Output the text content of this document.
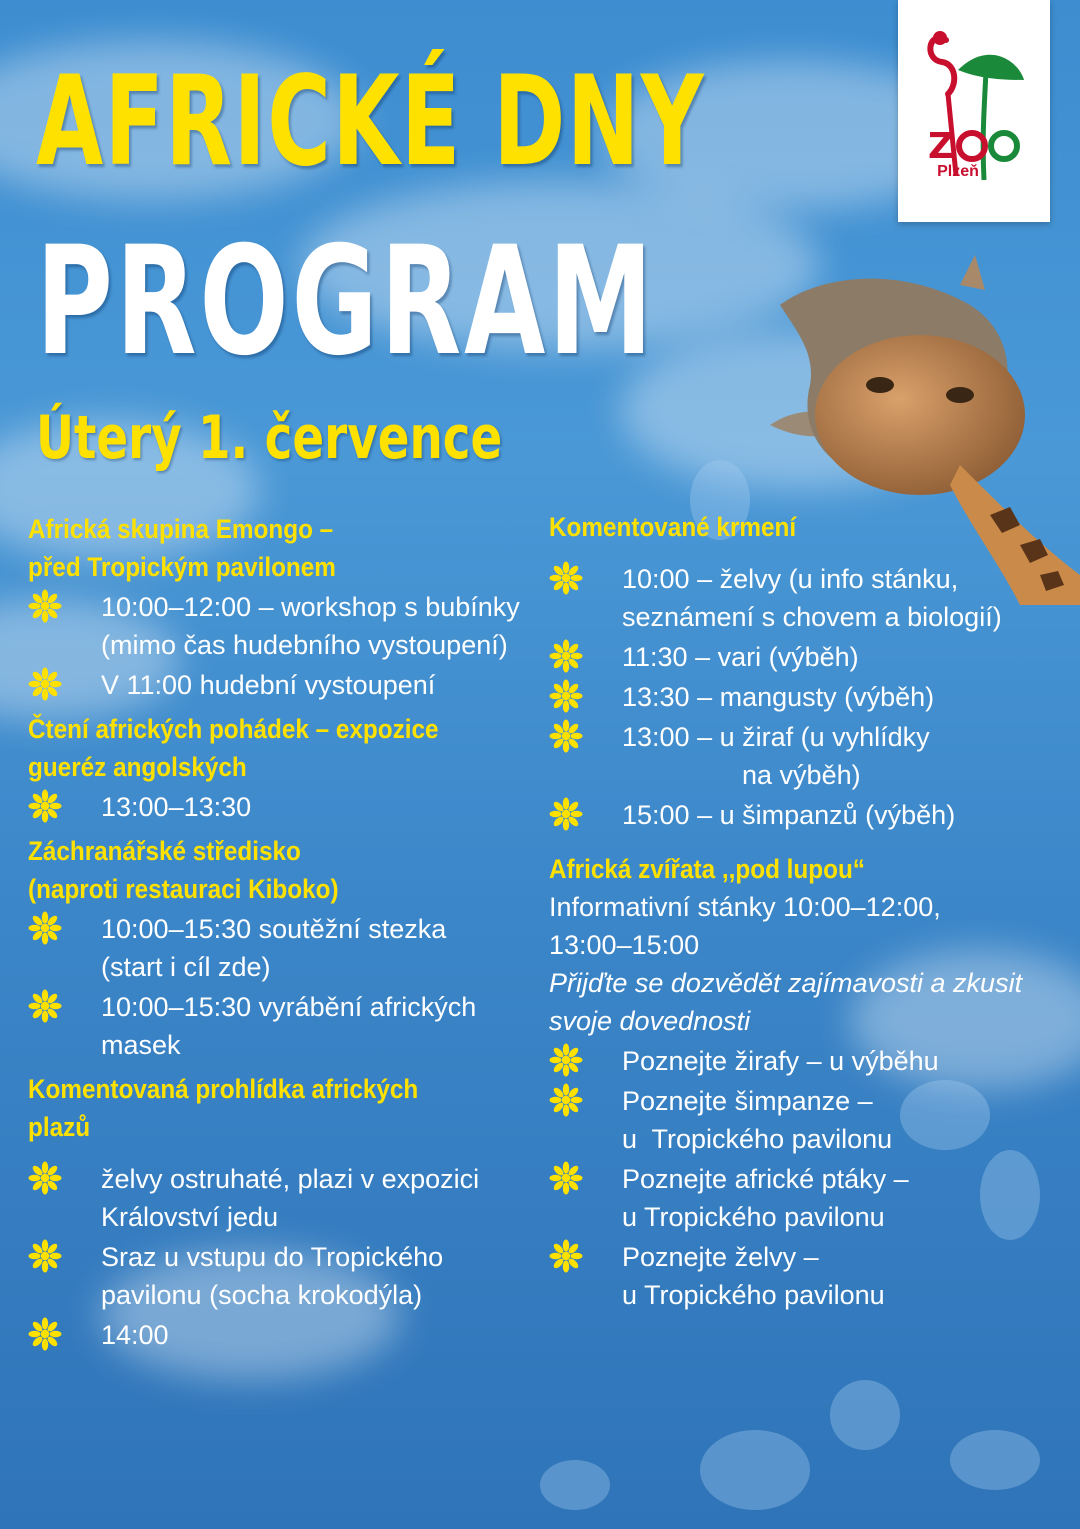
AFRICKÉ DNY
PROGRAM
Úterý 1. července
Z
Plzeň
Africká skupina Emongo –
před Tropickým pavilonem
10:00–12:00 – workshop s bubínky
(mimo čas hudebního vystoupení)
V 11:00 hudební vystoupení
Čtení afrických pohádek – expozice
gueréz angolských
13:00–13:30
Záchranářské středisko
(naproti restauraci Kiboko)
10:00–15:30 soutěžní stezka
(start i cíl zde)
10:00–15:30 vyrábění afrických
masek
Komentovaná prohlídka afrických
plazů
želvy ostruhaté, plazi v expozici
Království jedu
Sraz u vstupu do Tropického
pavilonu (socha krokodýla)
14:00
Komentované krmení
10:00 – želvy (u info stánku,
seznámení s chovem a biologií)
11:30 – vari (výběh)
13:30 – mangusty (výběh)
13:00 – u žiraf (u vyhlídky
na výběh)
15:00 – u šimpanzů (výběh)
Africká zvířata ,,pod lupou“
Informativní stánky 10:00–12:00,
13:00–15:00
Přijďte se dozvědět zajímavosti a zkusit
svoje dovednosti
Poznejte žirafy – u výběhu
Poznejte šimpanze –
u  Tropického pavilonu
Poznejte africké ptáky –
u Tropického pavilonu
Poznejte želvy –
u Tropického pavilonu
